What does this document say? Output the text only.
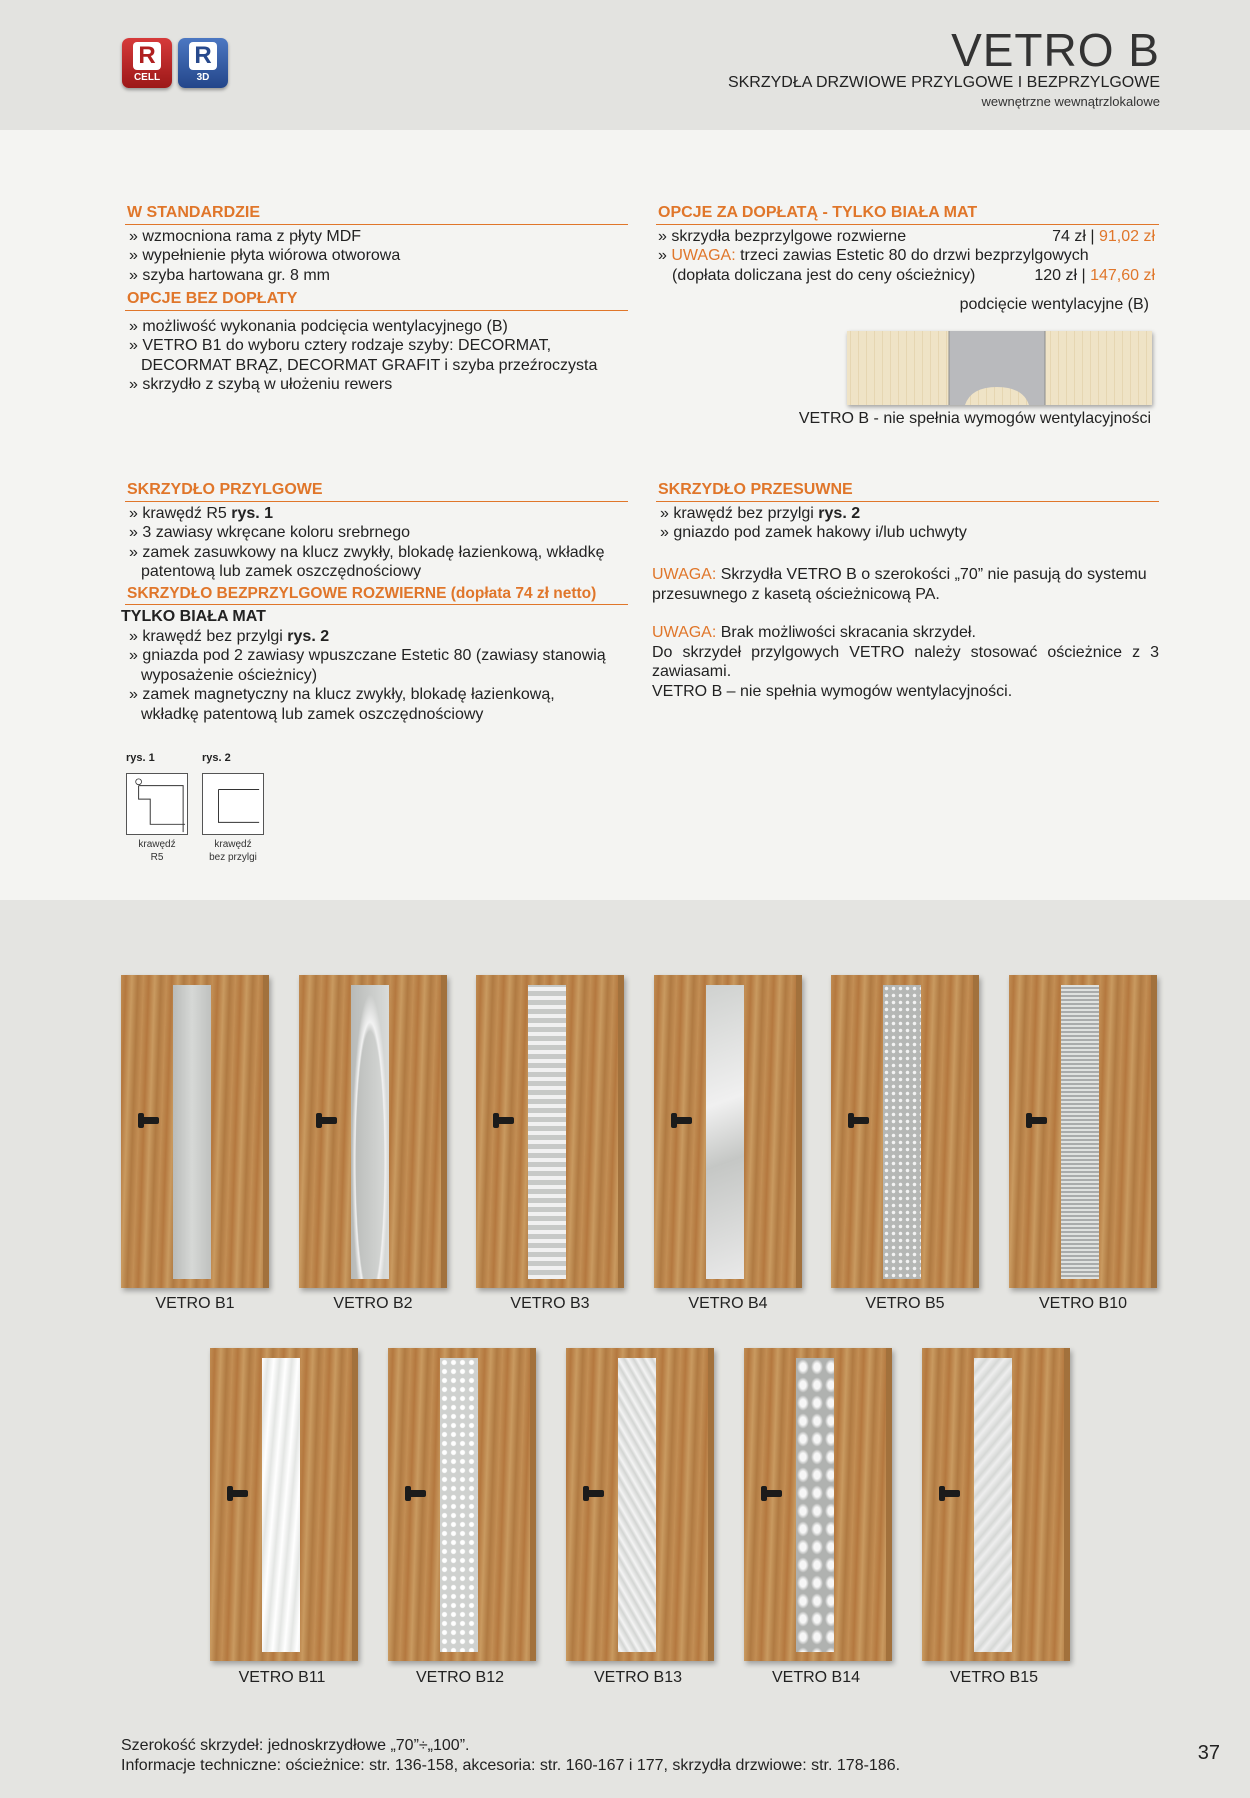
R
CELL
R
3D
VETRO B
SKRZYDŁA DRZWIOWE PRZYLGOWE I BEZPRZYLGOWE
wewnętrzne wewnątrzlokalowe
W STANDARDZIE
» wzmocniona rama z płyty MDF
» wypełnienie płyta wiórowa otworowa
» szyba hartowana gr. 8 mm
OPCJE BEZ DOPŁATY
» możliwość wykonania podcięcia wentylacyjnego (B)
» VETRO B1 do wyboru cztery rodzaje szyby: DECORMAT, DECORMAT BRĄZ, DECORMAT GRAFIT i szyba przeźroczysta
» skrzydło z szybą w ułożeniu rewers
OPCJE ZA DOPŁATĄ - TYLKO BIAŁA MAT
» skrzydła bezprzylgowe rozwierne	74 zł | 91,02 zł
» UWAGA: trzeci zawias Estetic 80 do drzwi bezprzylgowych
(dopłata doliczana jest do ceny ościeżnicy)	120 zł | 147,60 zł
podcięcie wentylacyjne (B)
VETRO B - nie spełnia wymogów wentylacyjności
SKRZYDŁO PRZYLGOWE
» krawędź R5 rys. 1
» 3 zawiasy wkręcane koloru srebrnego
» zamek zasuwkowy na klucz zwykły, blokadę łazienkową, wkładkę patentową lub zamek oszczędnościowy
SKRZYDŁO BEZPRZYLGOWE ROZWIERNE (dopłata 74 zł netto)
TYLKO BIAŁA MAT
» krawędź bez przylgi rys. 2
» gniazda pod 2 zawiasy wpuszczane Estetic 80 (zawiasy stanowią wyposażenie ościeżnicy)
» zamek magnetyczny na klucz zwykły, blokadę łazienkową, wkładkę patentową lub zamek oszczędnościowy
SKRZYDŁO PRZESUWNE
» krawędź bez przylgi rys. 2
» gniazdo pod zamek hakowy i/lub uchwyty
UWAGA: Skrzydła VETRO B o szerokości „70” nie pasują do systemu przesuwnego z kasetą ościeżnicową PA.
UWAGA: Brak możliwości skracania skrzydeł.
Do skrzydeł przylgowych VETRO należy stosować ościeżnice z 3 zawiasami.
VETRO B – nie spełnia wymogów wentylacyjności.
rys. 1	rys. 2
krawędź
R5
krawędź
bez przylgi
VETRO B1	VETRO B2	VETRO B3	VETRO B4	VETRO B5	VETRO B10
VETRO B11	VETRO B12	VETRO B13	VETRO B14	VETRO B15
Szerokość skrzydeł: jednoskrzydłowe „70”÷„100”.
Informacje techniczne: ościeżnice: str. 136-158, akcesoria: str. 160-167 i 177, skrzydła drzwiowe: str. 178-186.
37
